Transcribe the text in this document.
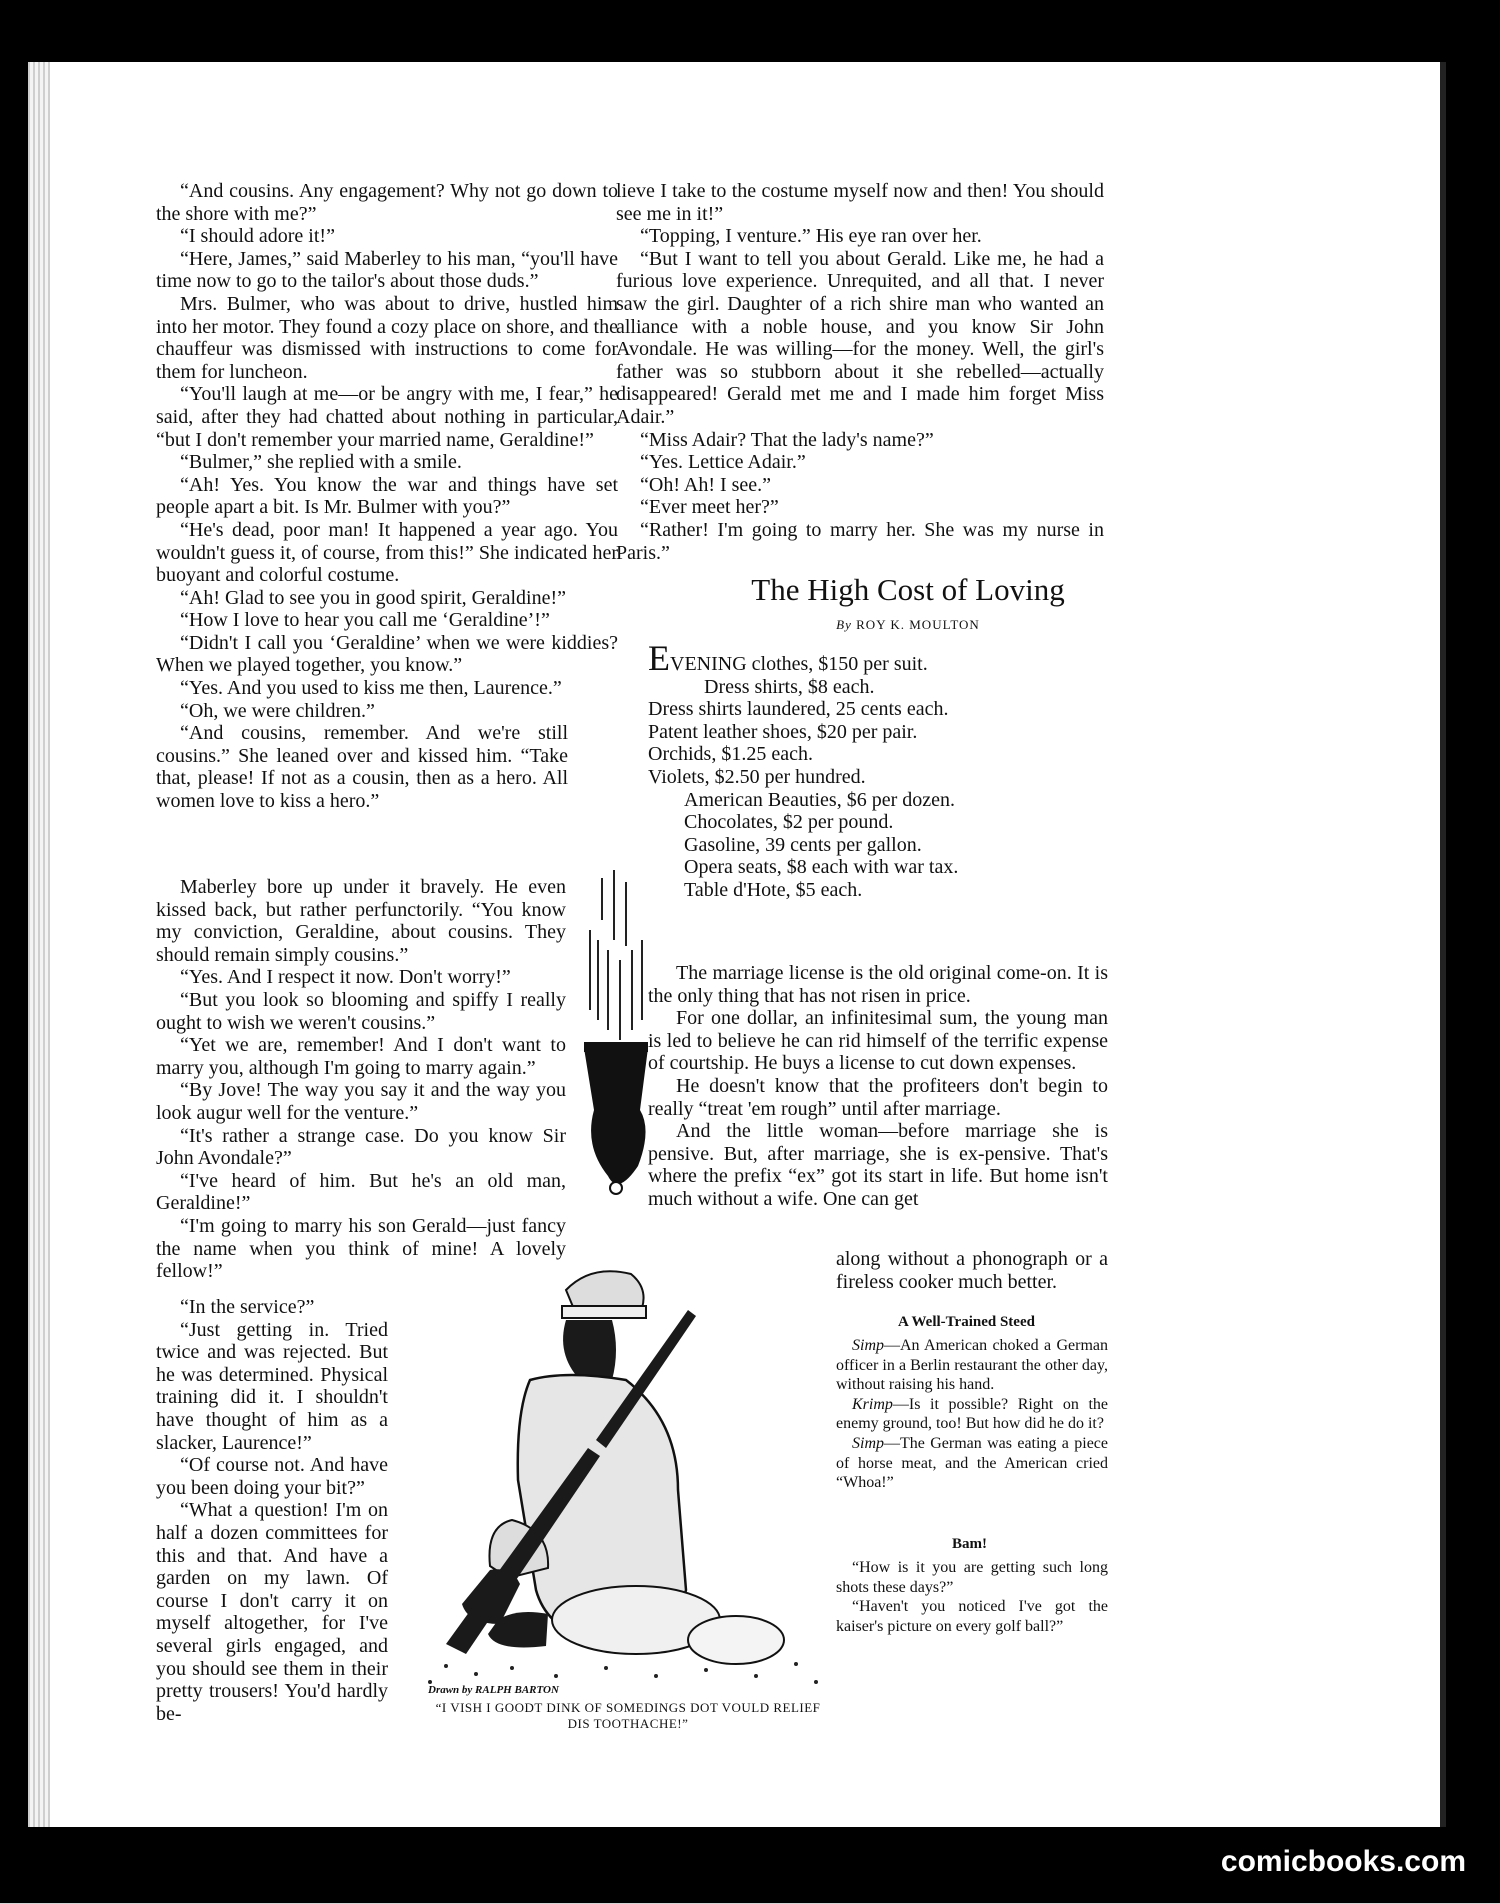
“And cousins. Any engagement? Why not go down to the shore with me?”

“I should adore it!”

“Here, James,” said Maberley to his man, “you'll have time now to go to the tailor's about those duds.”

Mrs. Bulmer, who was about to drive, hustled him into her motor. They found a cozy place on shore, and the chauffeur was dismissed with instructions to come for them for luncheon.

“You'll laugh at me—or be angry with me, I fear,” he said, after they had chatted about nothing in particular, “but I don't remember your married name, Geraldine!”

“Bulmer,” she replied with a smile.

“Ah! Yes. You know the war and things have set people apart a bit. Is Mr. Bulmer with you?”

“He's dead, poor man! It happened a year ago. You wouldn't guess it, of course, from this!” She indicated her buoyant and colorful costume.

“Ah! Glad to see you in good spirit, Geraldine!”

“How I love to hear you call me ‘Geraldine’!”

“Didn't I call you ‘Geraldine’ when we were kiddies? When we played together, you know.”

“Yes. And you used to kiss me then, Laurence.”

“Oh, we were children.”

“And cousins, remember. And we're still cousins.” She leaned over and kissed him. “Take that, please! If not as a cousin, then as a hero. All women love to kiss a hero.”

Maberley bore up under it bravely. He even kissed back, but rather perfunctorily. “You know my conviction, Geraldine, about cousins. They should remain simply cousins.”

“Yes. And I respect it now. Don't worry!”

“But you look so blooming and spiffy I really ought to wish we weren't cousins.”

“Yet we are, remember! And I don't want to marry you, although I'm going to marry again.”

“By Jove! The way you say it and the way you look augur well for the venture.”

“It's rather a strange case. Do you know Sir John Avondale?”

“I've heard of him. But he's an old man, Geraldine!”

“I'm going to marry his son Gerald—just fancy the name when you think of mine! A lovely fellow!”

“In the service?”

“Just getting in. Tried twice and was rejected. But he was determined. Physical training did it. I shouldn't have thought of him as a slacker, Laurence!”

“Of course not. And have you been doing your bit?”

“What a question! I'm on half a dozen committees for this and that. And have a garden on my lawn. Of course I don't carry it on myself altogether, for I've several girls engaged, and you should see them in their pretty trousers! You'd hardly be-

lieve I take to the costume myself now and then! You should see me in it!”

“Topping, I venture.” His eye ran over her.

“But I want to tell you about Gerald. Like me, he had a furious love experience. Unrequited, and all that. I never saw the girl. Daughter of a rich shire man who wanted an alliance with a noble house, and you know Sir John Avondale. He was willing—for the money. Well, the girl's father was so stubborn about it she rebelled—actually disappeared! Gerald met me and I made him forget Miss Adair.”

“Miss Adair? That the lady's name?”

“Yes. Lettice Adair.”

“Oh! Ah! I see.”

“Ever meet her?”

“Rather! I'm going to marry her. She was my nurse in Paris.”

The High Cost of Loving
By ROY K. MOULTON
EVENING clothes, $150 per suit.
Dress shirts, $8 each.
Dress shirts laundered, 25 cents each.
Patent leather shoes, $20 per pair.
Orchids, $1.25 each.
Violets, $2.50 per hundred.
American Beauties, $6 per dozen.
Chocolates, $2 per pound.
Gasoline, 39 cents per gallon.
Opera seats, $8 each with war tax.
Table d'Hote, $5 each.

The marriage license is the old original come-on. It is the only thing that has not risen in price.

For one dollar, an infinitesimal sum, the young man is led to believe he can rid himself of the terrific expense of courtship. He buys a license to cut down expenses.

He doesn't know that the profiteers don't begin to really “treat 'em rough” until after marriage.

And the little woman—before marriage she is pensive. But, after marriage, she is ex-pensive. That's where the prefix “ex” got its start in life. But home isn't much without a wife. One can get

along without a phonograph or a fireless cooker much better.
A Well-Trained Steed

Simp—An American choked a German officer in a Berlin restaurant the other day, without raising his hand.

Krimp—Is it possible? Right on the enemy ground, too! But how did he do it?

Simp—The German was eating a piece of horse meat, and the American cried “Whoa!”

Bam!

“How is it you are getting such long shots these days?”

“Haven't you noticed I've got the kaiser's picture on every golf ball?”

Drawn by RALPH BARTON
“I VISH I GOODT DINK OF SOMEDINGS DOT VOULD RELIEF DIS TOOTHACHE!”
comicbooks.com
